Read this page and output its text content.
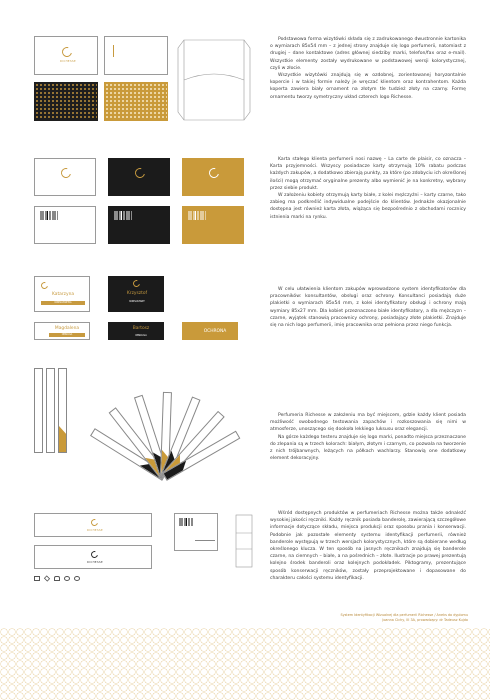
RICHESSE

Podstawowa forma wizytówki składa się z zadrukowanego dwustronnie kartonika o wymiarach 85x54 mm – z jednej strony znajduje się logo perfumerii, natomiast z drugiej – dane kontaktowe (adres głównej siedziby marki, telefon/fax oraz e-mail). Wszystkie elementy zostały wydrukowane w podstawowej wersji kolorystycznej, czyli w złocie.

Wszystkie wizytówki znajdują się w ozdobnej, zorientowanej horyzontalnie kopercie i w takiej formie należy je wręczać klientom oraz kontrahentom. Każda koperta zawiera biały ornament na złotym tle tudzież złoty na czarny. Formę ornamentu tworzy symetryczny układ czterech logo Richesse.

Karta stałego klienta perfumerii nosi nazwę – La carte de plaisir, co oznacza – Karta przyjemności. Wszyscy posiadacze karty otrzymują 10% rabatu podczas każdych zakupów, a dodatkowo zbierają punkty, za które (po zdobyciu ich określonej ilości) mogą otrzymać oryginalne prezenty albo wymienić je na konkretny, wybrany przez siebie produkt.

W założeniu kobiety otrzymują karty białe, z kolei mężczyźni – karty czarne, tako zabieg ma podkreślić indywidualne podejście do klientów. Jednakże okazjonalnie dostępna jest również karta złota, wiążąca się bezpośrednio z obchodami rocznicy istnienia marki na rynku.

Katarzyna
KONSULTANTKA
Krzysztof
KONSULTANT
Magdalena
OBSŁUGA
Bartosz
OBSŁUGA
OCHRONA

W celu ułatwienia klientom zakupów wprowadzono system identyfikatorów dla pracowników: konsultantów, obsługi oraz ochrony. Konsultanci posiadają duże plakietki o wymiarach 85x54 mm, z kolei identyfikatory obsługi i ochrony mają wymiary 85x27 mm. Dla kobiet przeznaczono białe identyfikatory, a dla mężczyzn – czarne, wyjątek stanowią pracownicy ochrony, posiadający złote plakietki. Znajduje się na nich logo perfumerii, imię pracownika oraz pełniona przez niego funkcja.

Perfumeria Richesse w założeniu ma być miejscem, gdzie każdy klient posiada możliwość swobodnego testowania zapachów i rozkoszowania się nimi w atmosferze, unoszącego się dookoła lekkiego luksusu oraz elegancji.

Na górze każdego testeru znajduje się logo marki, ponadto miejsca przeznaczone do zlepania są w trzech kolorach: białym, złotym i czarnym, co pozwala na tworzenie z nich trójbarwnych, leżących na półkach wachlarzy. Stanowią one dodatkowy element dekoracyjny.

RICHESSE
RICHESSE

Wśród dostępnych produktów w perfumeriach Richesse można także odnaleźć wysokiej jakości ręczniki. Każdy ręcznik posiada banderolę, zawierającą szczegółowe informacje dotyczące składu, miejsca produkcji oraz sposobu prania i konserwacji. Podobnie jak pozostałe elementy systemu identyfikacji perfumerii, również banderole występują w trzech wersjach kolorystycznych, które są dobierane według określonego klucza. W ten sposób na jasnych ręcznikach znajdują się banderole czarne, na ciemnych – białe, a na pośrednich – złote. Ilustracje po prawej prezentują kolejno środek banderoli oraz kolejnych podokładek. Piktogramy, prezentujące sposób konserwacji ręczników, zostały przeprojektowane i dopasowane do charakteru całości systemu identyfikacji.

System Identyfikacji Wizualnej dla perfumerii Richesse / Aneks do dyplomu
Joanna Cichy, III 3A, prowadzący: dr Tadeusz Kujdo
